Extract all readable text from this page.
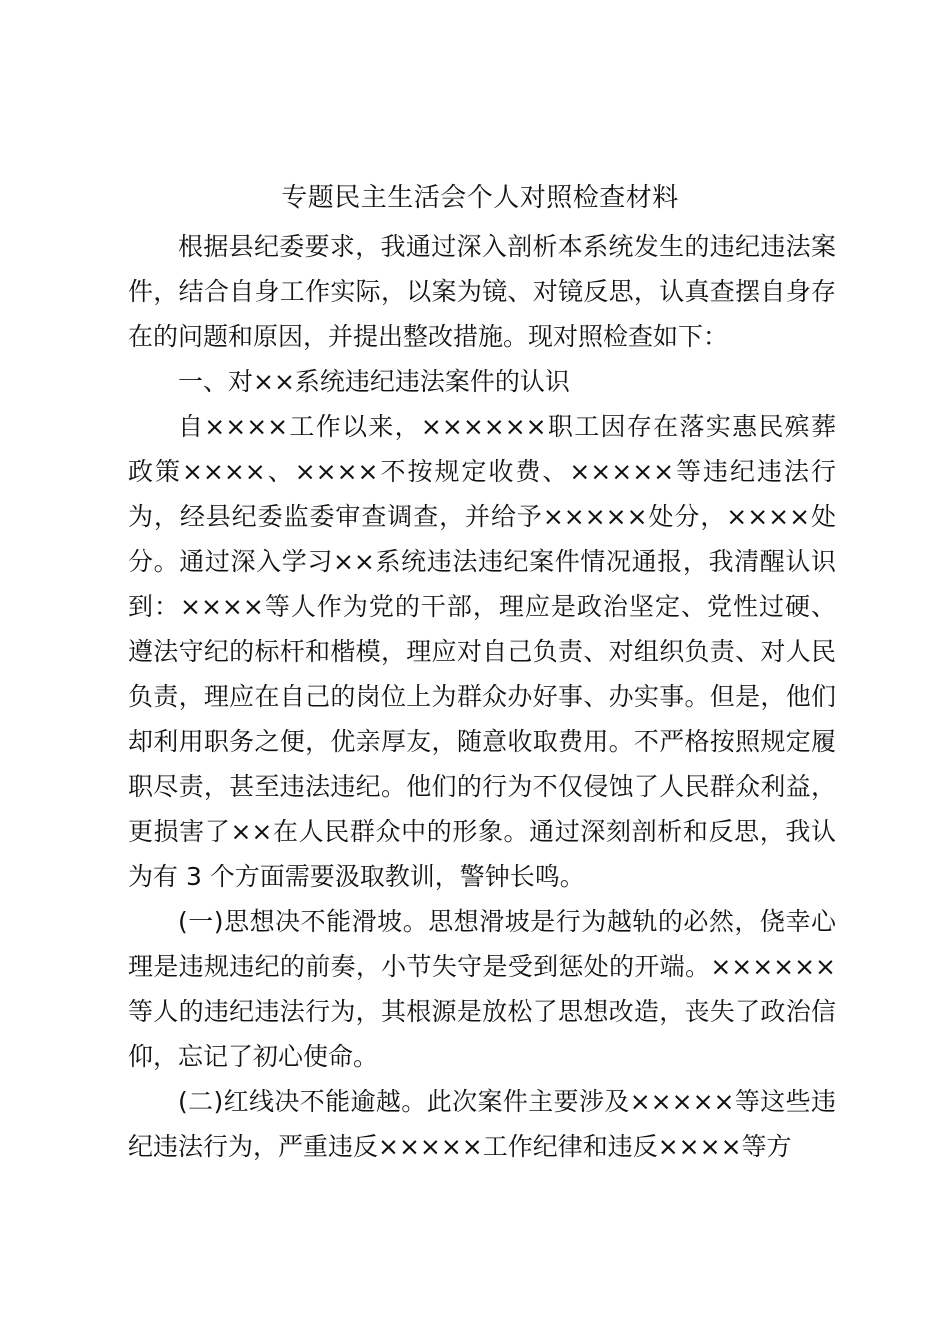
专题民主生活会个人对照检查材料

根据县纪委要求，我通过深入剖析本系统发生的违纪违法案件，结合自身工作实际，以案为镜、对镜反思，认真查摆自身存在的问题和原因，并提出整改措施。现对照检查如下：

一、对××系统违纪违法案件的认识

自××××工作以来，××××××职工因存在落实惠民殡葬政策××××、××××不按规定收费、×××××等违纪违法行为，经县纪委监委审查调查，并给予×××××处分，××××处分。通过深入学习××系统违法违纪案件情况通报，我清醒认识到：××××等人作为党的干部，理应是政治坚定、党性过硬、遵法守纪的标杆和楷模，理应对自己负责、对组织负责、对人民负责，理应在自己的岗位上为群众办好事、办实事。但是，他们却利用职务之便，优亲厚友，随意收取费用。不严格按照规定履职尽责，甚至违法违纪。他们的行为不仅侵蚀了人民群众利益，更损害了××在人民群众中的形象。通过深刻剖析和反思，我认为有 3 个方面需要汲取教训，警钟长鸣。

(一)思想决不能滑坡。思想滑坡是行为越轨的必然，侥幸心理是违规违纪的前奏，小节失守是受到惩处的开端。××××××等人的违纪违法行为，其根源是放松了思想改造，丧失了政治信仰，忘记了初心使命。

(二)红线决不能逾越。此次案件主要涉及×××××等这些违纪违法行为，严重违反×××××工作纪律和违反××××等方
